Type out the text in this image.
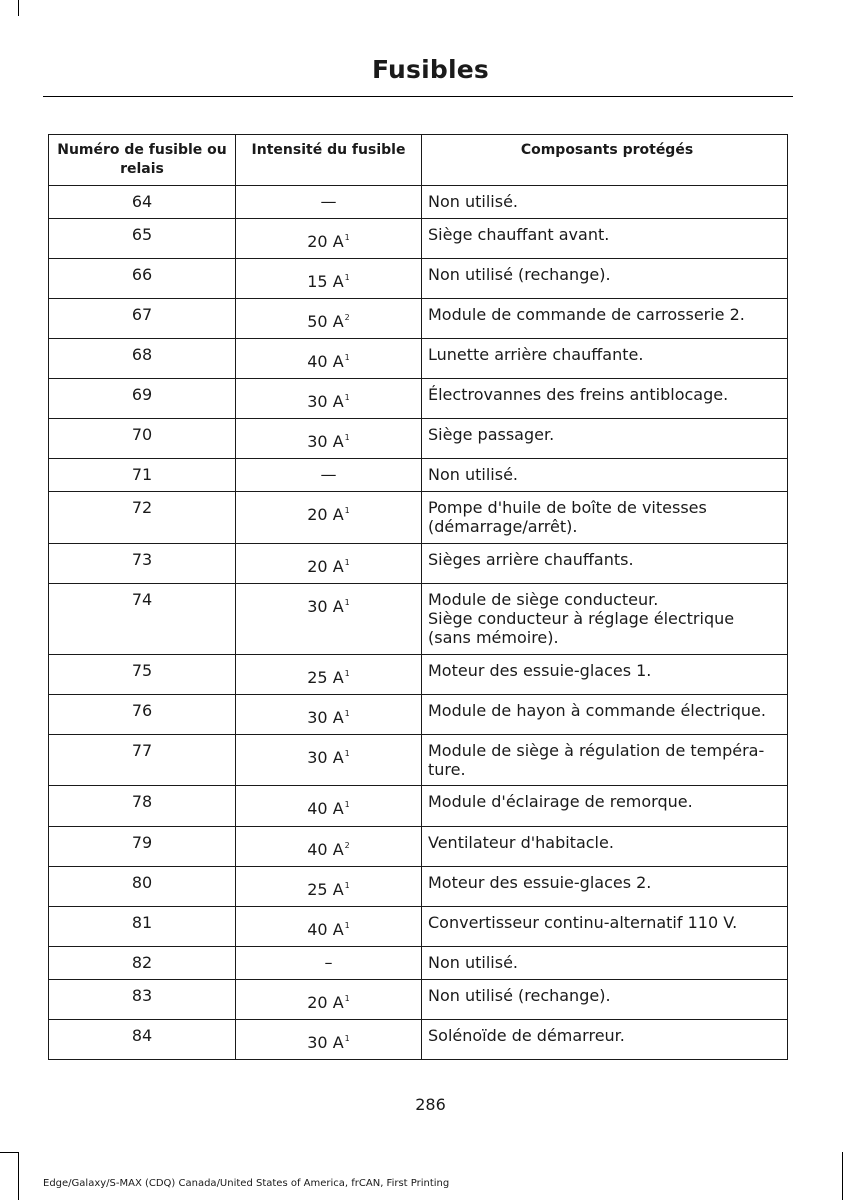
Fusibles
Numéro de fusible ou relais	Intensité du fusible	Composants protégés
64	—	Non utilisé.

65	20 $A^1$	Siège chauffant avant.

66	15 $A^1$	Non utilisé (rechange).

67	50 $A^2$	Module de commande de carrosserie 2.

68	40 $A^1$	Lunette arrière chauffante.

69	30 $A^1$	Électrovannes des freins antiblocage.

70	30 $A^1$	Siège passager.

71	—	Non utilisé.

72	20 $A^1$	Pompe d'huile de boîte de vitesses
(démarrage/arrêt).

73	20 $A^1$	Sièges arrière chauffants.

74	30 $A^1$	Module de siège conducteur.
Siège conducteur à réglage électrique
(sans mémoire).

75	25 $A^1$	Moteur des essuie-glaces 1.

76	30 $A^1$	Module de hayon à commande électrique.

77	30 $A^1$	Module de siège à régulation de tempéra-
ture.

78	40 $A^1$	Module d'éclairage de remorque.

79	40 $A^2$	Ventilateur d'habitacle.

80	25 $A^1$	Moteur des essuie-glaces 2.

81	40 $A^1$	Convertisseur continu-alternatif 110 V.

82	–	Non utilisé.

83	20 $A^1$	Non utilisé (rechange).

84	30 $A^1$	Solénoïde de démarreur.
286
Edge/Galaxy/S-MAX (CDQ) Canada/United States of America, frCAN, First Printing
